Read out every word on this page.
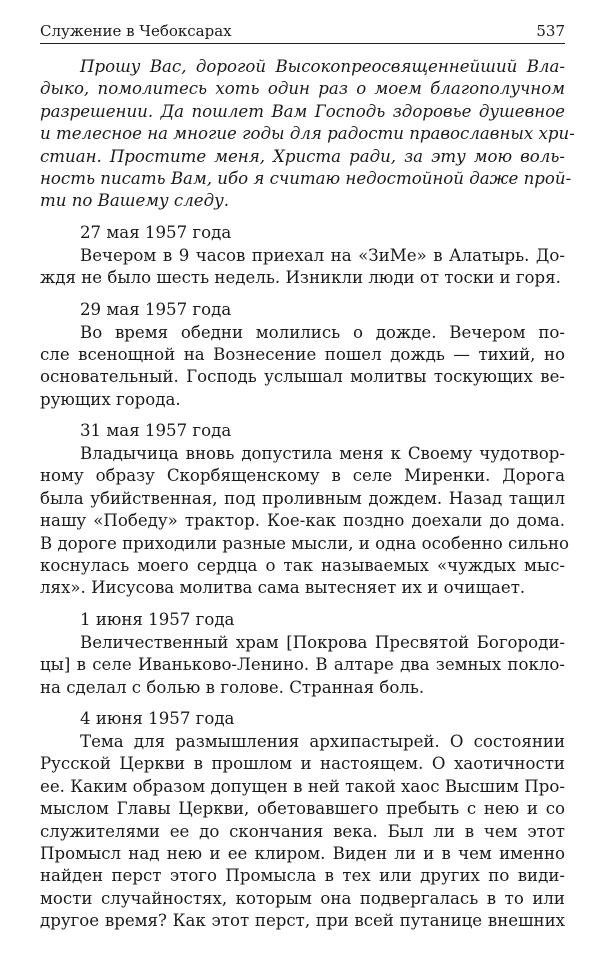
Служение в Чебоксарах	537
Прошу Вас, дорогой Высокопреосвященнейший Вла-
дыко, помолитесь хоть один раз о моем благополучном
разрешении. Да пошлет Вам Господь здоровье душевное
и телесное на многие годы для радости православных хри-
стиан. Простите меня, Христа ради, за эту мою воль-
ность писать Вам, ибо я считаю недостойной даже прой-
ти по Вашему следу.
27 мая 1957 года
Вечером в 9 часов приехал на «ЗиМе» в Алатырь. До-
ждя не было шесть недель. Изникли люди от тоски и горя.
29 мая 1957 года
Во время обедни молились о дожде. Вечером по-
сле всенощной на Вознесение пошел дождь — тихий, но
основательный. Господь услышал молитвы тоскующих ве-
рующих города.
31 мая 1957 года
Владычица вновь допустила меня к Своему чудотвор-
ному образу Скорбященскому в селе Миренки. Дорога
была убийственная, под проливным дождем. Назад тащил
нашу «Победу» трактор. Кое-как поздно доехали до дома.
В дороге приходили разные мысли, и одна особенно сильно
коснулась моего сердца о так называемых «чуждых мыс-
лях». Иисусова молитва сама вытесняет их и очищает.
1 июня 1957 года
Величественный храм [Покрова Пресвятой Богороди-
цы] в селе Иваньково-Ленино. В алтаре два земных покло-
на сделал с болью в голове. Странная боль.
4 июня 1957 года
Тема для размышления архипастырей. О состоянии
Русской Церкви в прошлом и настоящем. О хаотичности
ее. Каким образом допущен в ней такой хаос Высшим Про-
мыслом Главы Церкви, обетовавшего пребыть с нею и со
служителями ее до скончания века. Был ли в чем этот
Промысл над нею и ее клиром. Виден ли и в чем именно
найден перст этого Промысла в тех или других по види-
мости случайностях, которым она подвергалась в то или
другое время? Как этот перст, при всей путанице внешних
